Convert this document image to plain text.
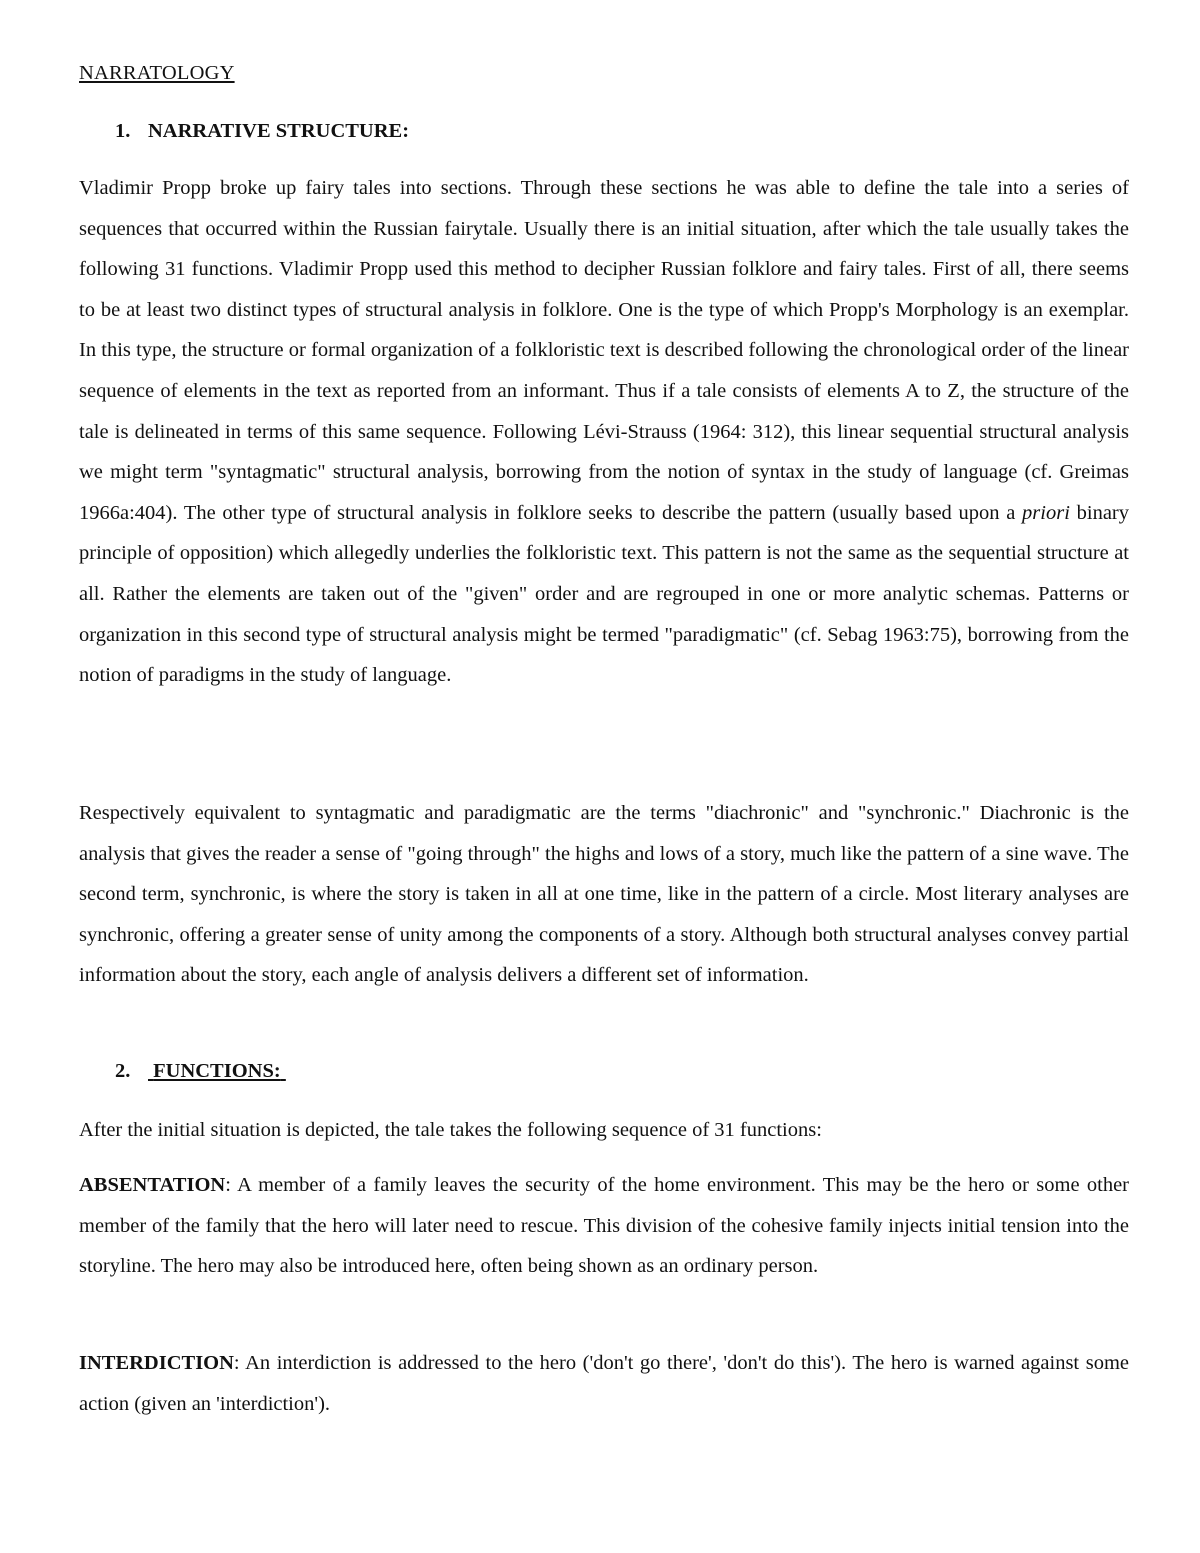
NARRATOLOGY
1. NARRATIVE STRUCTURE:

Vladimir Propp broke up fairy tales into sections. Through these sections he was able to define the tale into a series of sequences that occurred within the Russian fairytale. Usually there is an initial situation, after which the tale usually takes the following 31 functions. Vladimir Propp used this method to decipher Russian folklore and fairy tales. First of all, there seems to be at least two distinct types of structural analysis in folklore. One is the type of which Propp's Morphology is an exemplar. In this type, the structure or formal organization of a folkloristic text is described following the chronological order of the linear sequence of elements in the text as reported from an informant. Thus if a tale consists of elements A to Z, the structure of the tale is delineated in terms of this same sequence. Following Lévi-Strauss (1964: 312), this linear sequential structural analysis we might term "syntagmatic" structural analysis, borrowing from the notion of syntax in the study of language (cf. Greimas 1966a:404). The other type of structural analysis in folklore seeks to describe the pattern (usually based upon a priori binary principle of opposition) which allegedly underlies the folkloristic text. This pattern is not the same as the sequential structure at all. Rather the elements are taken out of the "given" order and are regrouped in one or more analytic schemas. Patterns or organization in this second type of structural analysis might be termed "paradigmatic" (cf. Sebag 1963:75), borrowing from the notion of paradigms in the study of language.

Respectively equivalent to syntagmatic and paradigmatic are the terms "diachronic" and "synchronic." Diachronic is the analysis that gives the reader a sense of "going through" the highs and lows of a story, much like the pattern of a sine wave. The second term, synchronic, is where the story is taken in all at one time, like in the pattern of a circle. Most literary analyses are synchronic, offering a greater sense of unity among the components of a story. Although both structural analyses convey partial information about the story, each angle of analysis delivers a different set of information.

2. FUNCTIONS:

After the initial situation is depicted, the tale takes the following sequence of 31 functions:

ABSENTATION: A member of a family leaves the security of the home environment. This may be the hero or some other member of the family that the hero will later need to rescue. This division of the cohesive family injects initial tension into the storyline. The hero may also be introduced here, often being shown as an ordinary person.

INTERDICTION: An interdiction is addressed to the hero ('don't go there', 'don't do this'). The hero is warned against some action (given an 'interdiction').
